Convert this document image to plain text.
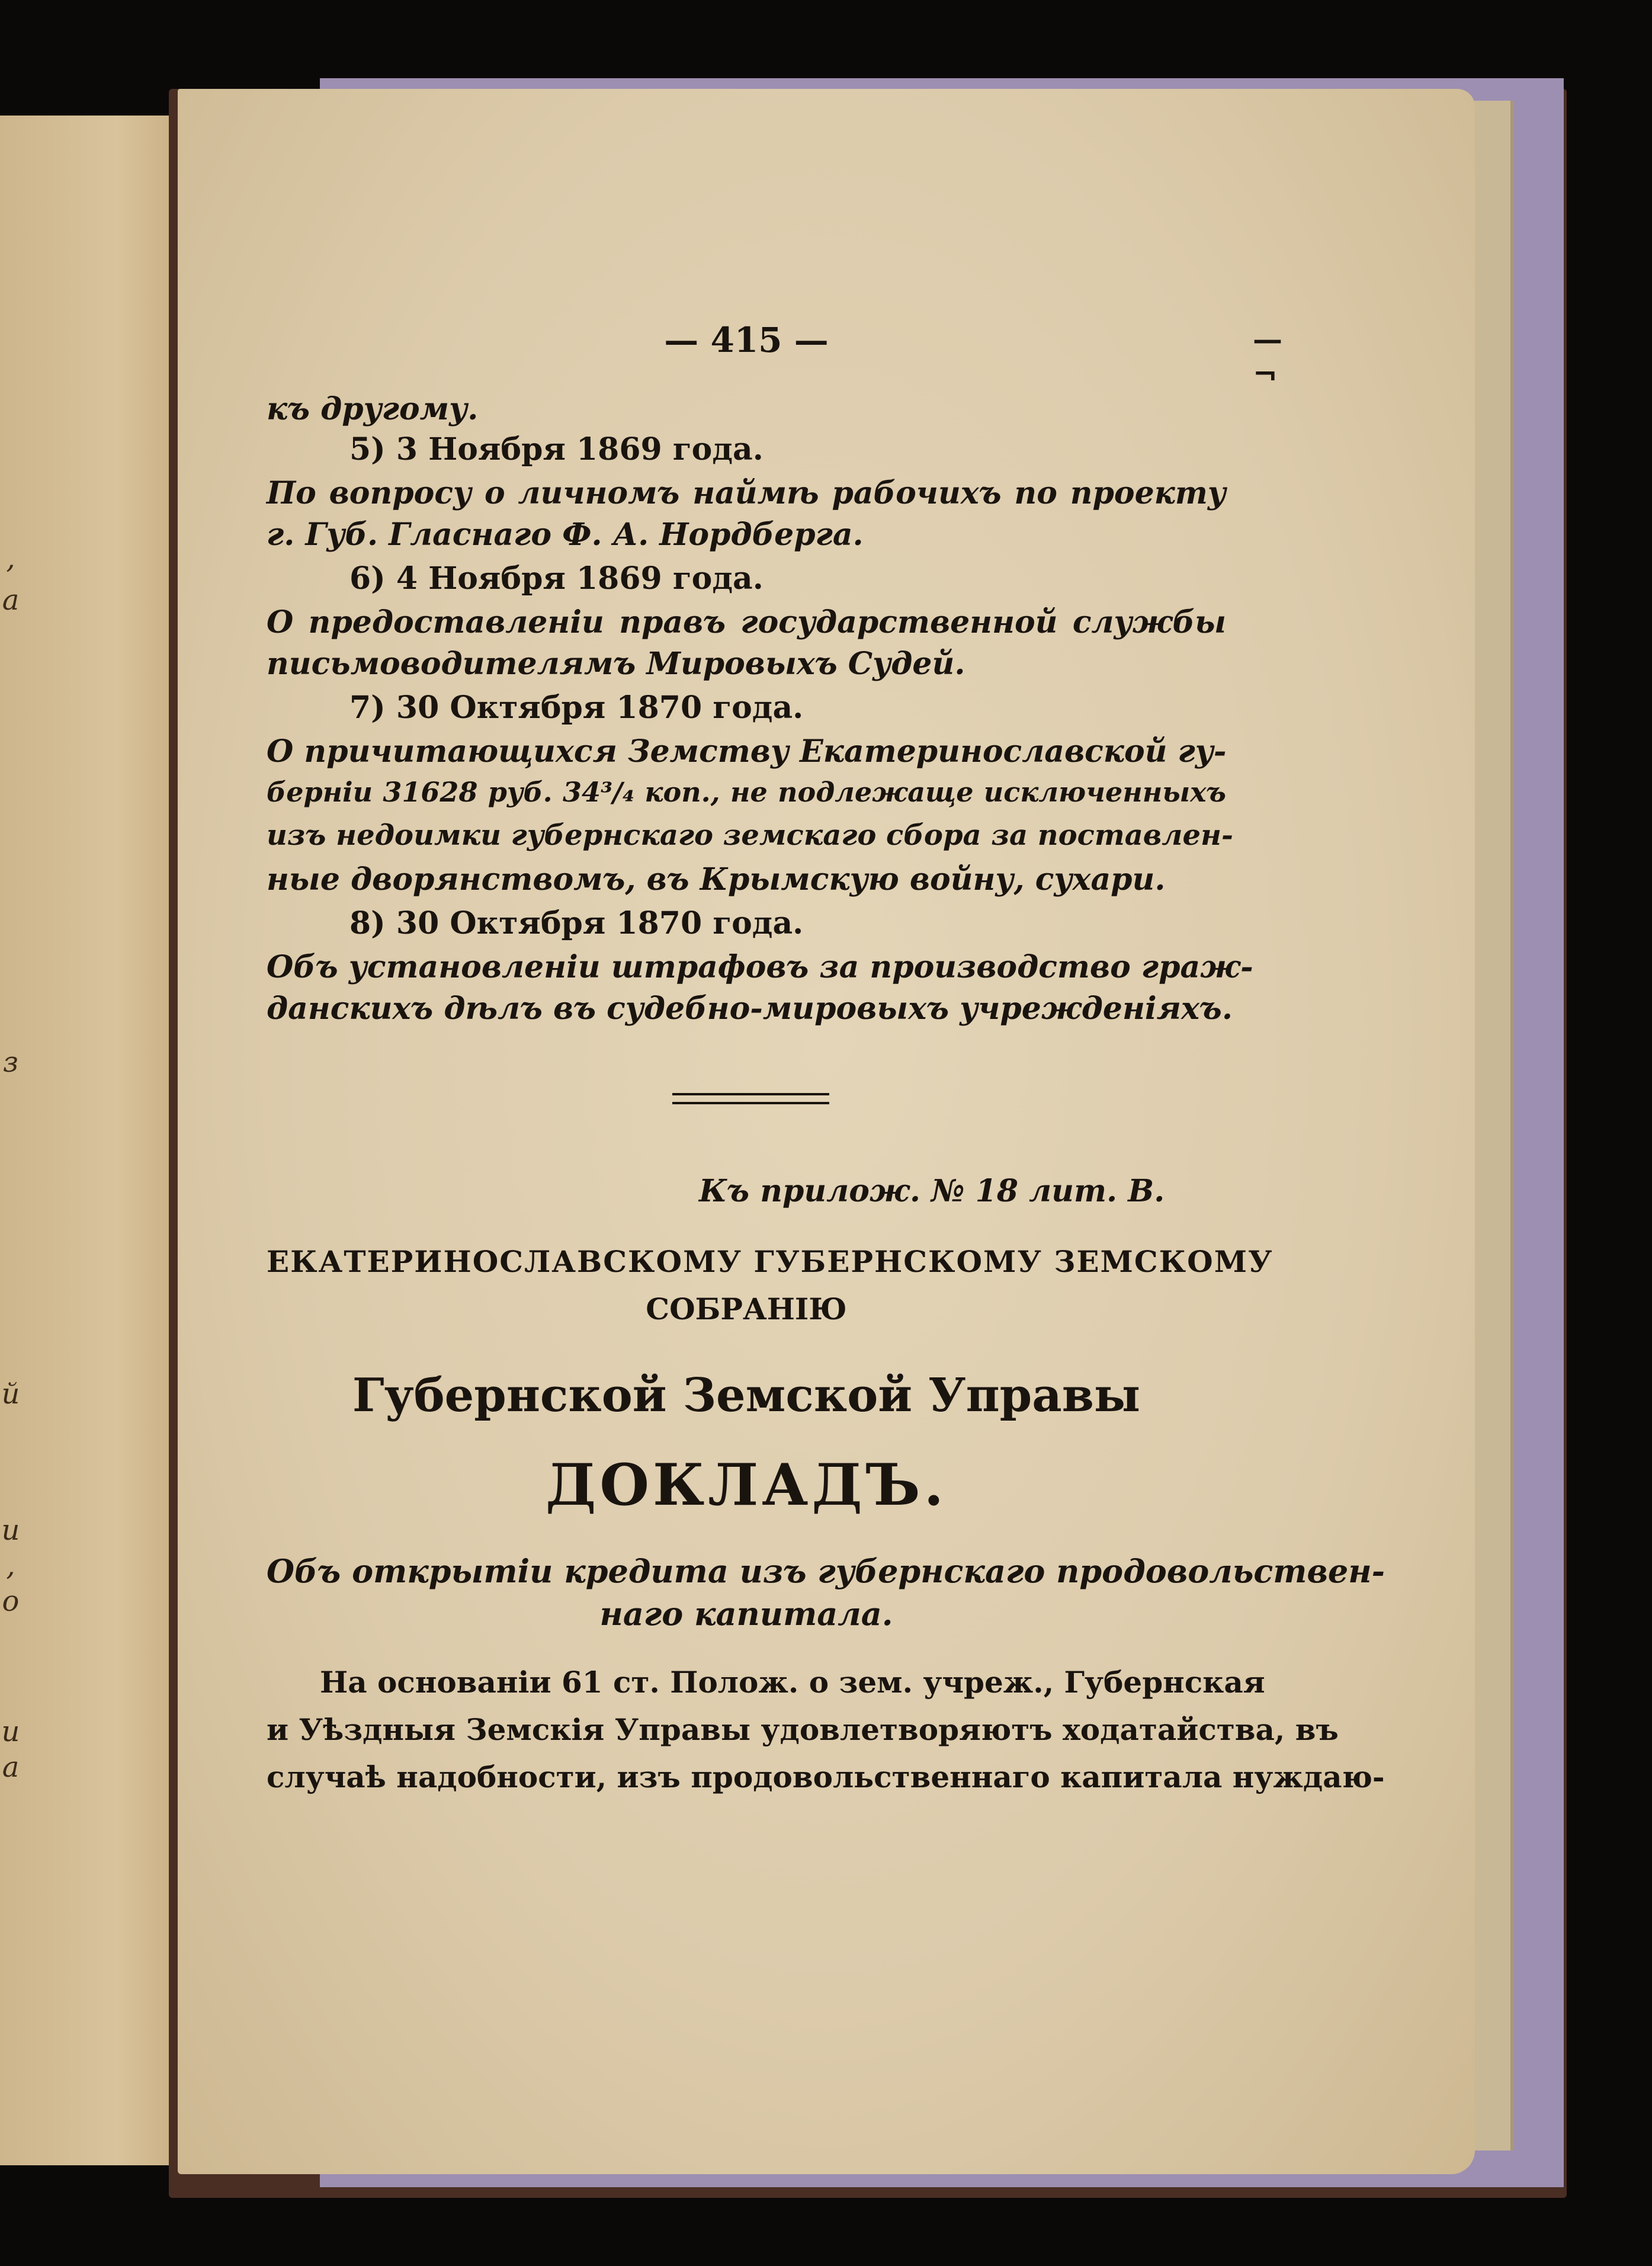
,
a
з
й
u
,
o
u
a
— 415 —	—¬
къ другому.
5) 3 Ноября 1869 года.
По вопросу о личномъ наймѣ рабочихъ по проекту
г. Губ. Гласнаго Ф. А. Нордберга.
6) 4 Ноября 1869 года.
О предоставленіи правъ государственной службы
письмоводителямъ Мировыхъ Судей.
7) 30 Октября 1870 года.
О причитающихся Земству Екатеринославской гу-
берніи 31628 руб. 34³/₄ коп., не подлежаще исключенныхъ
изъ недоимки губернскаго земскаго сбора за поставлен-
ные дворянствомъ, въ Крымскую войну, сухари.
8) 30 Октября 1870 года.
Объ установленіи штрафовъ за производство граж-
данскихъ дѣлъ въ судебно-мировыхъ учрежденіяхъ.
Къ прилож. № 18 лит. В.
ЕКАТЕРИНОСЛАВСКОМУ ГУБЕРНСКОМУ ЗЕМСКОМУ
СОБРАНІЮ
Губернской Земской Управы
ДОКЛАДЪ.
Объ открытіи кредита изъ губернскаго продовольствен-
наго капитала.
На основаніи 61 ст. Полож. о зем. учреж., Губернская
и Уѣздныя Земскія Управы удовлетворяютъ ходатайства, въ
случаѣ надобности, изъ продовольственнаго капитала нуждаю-
